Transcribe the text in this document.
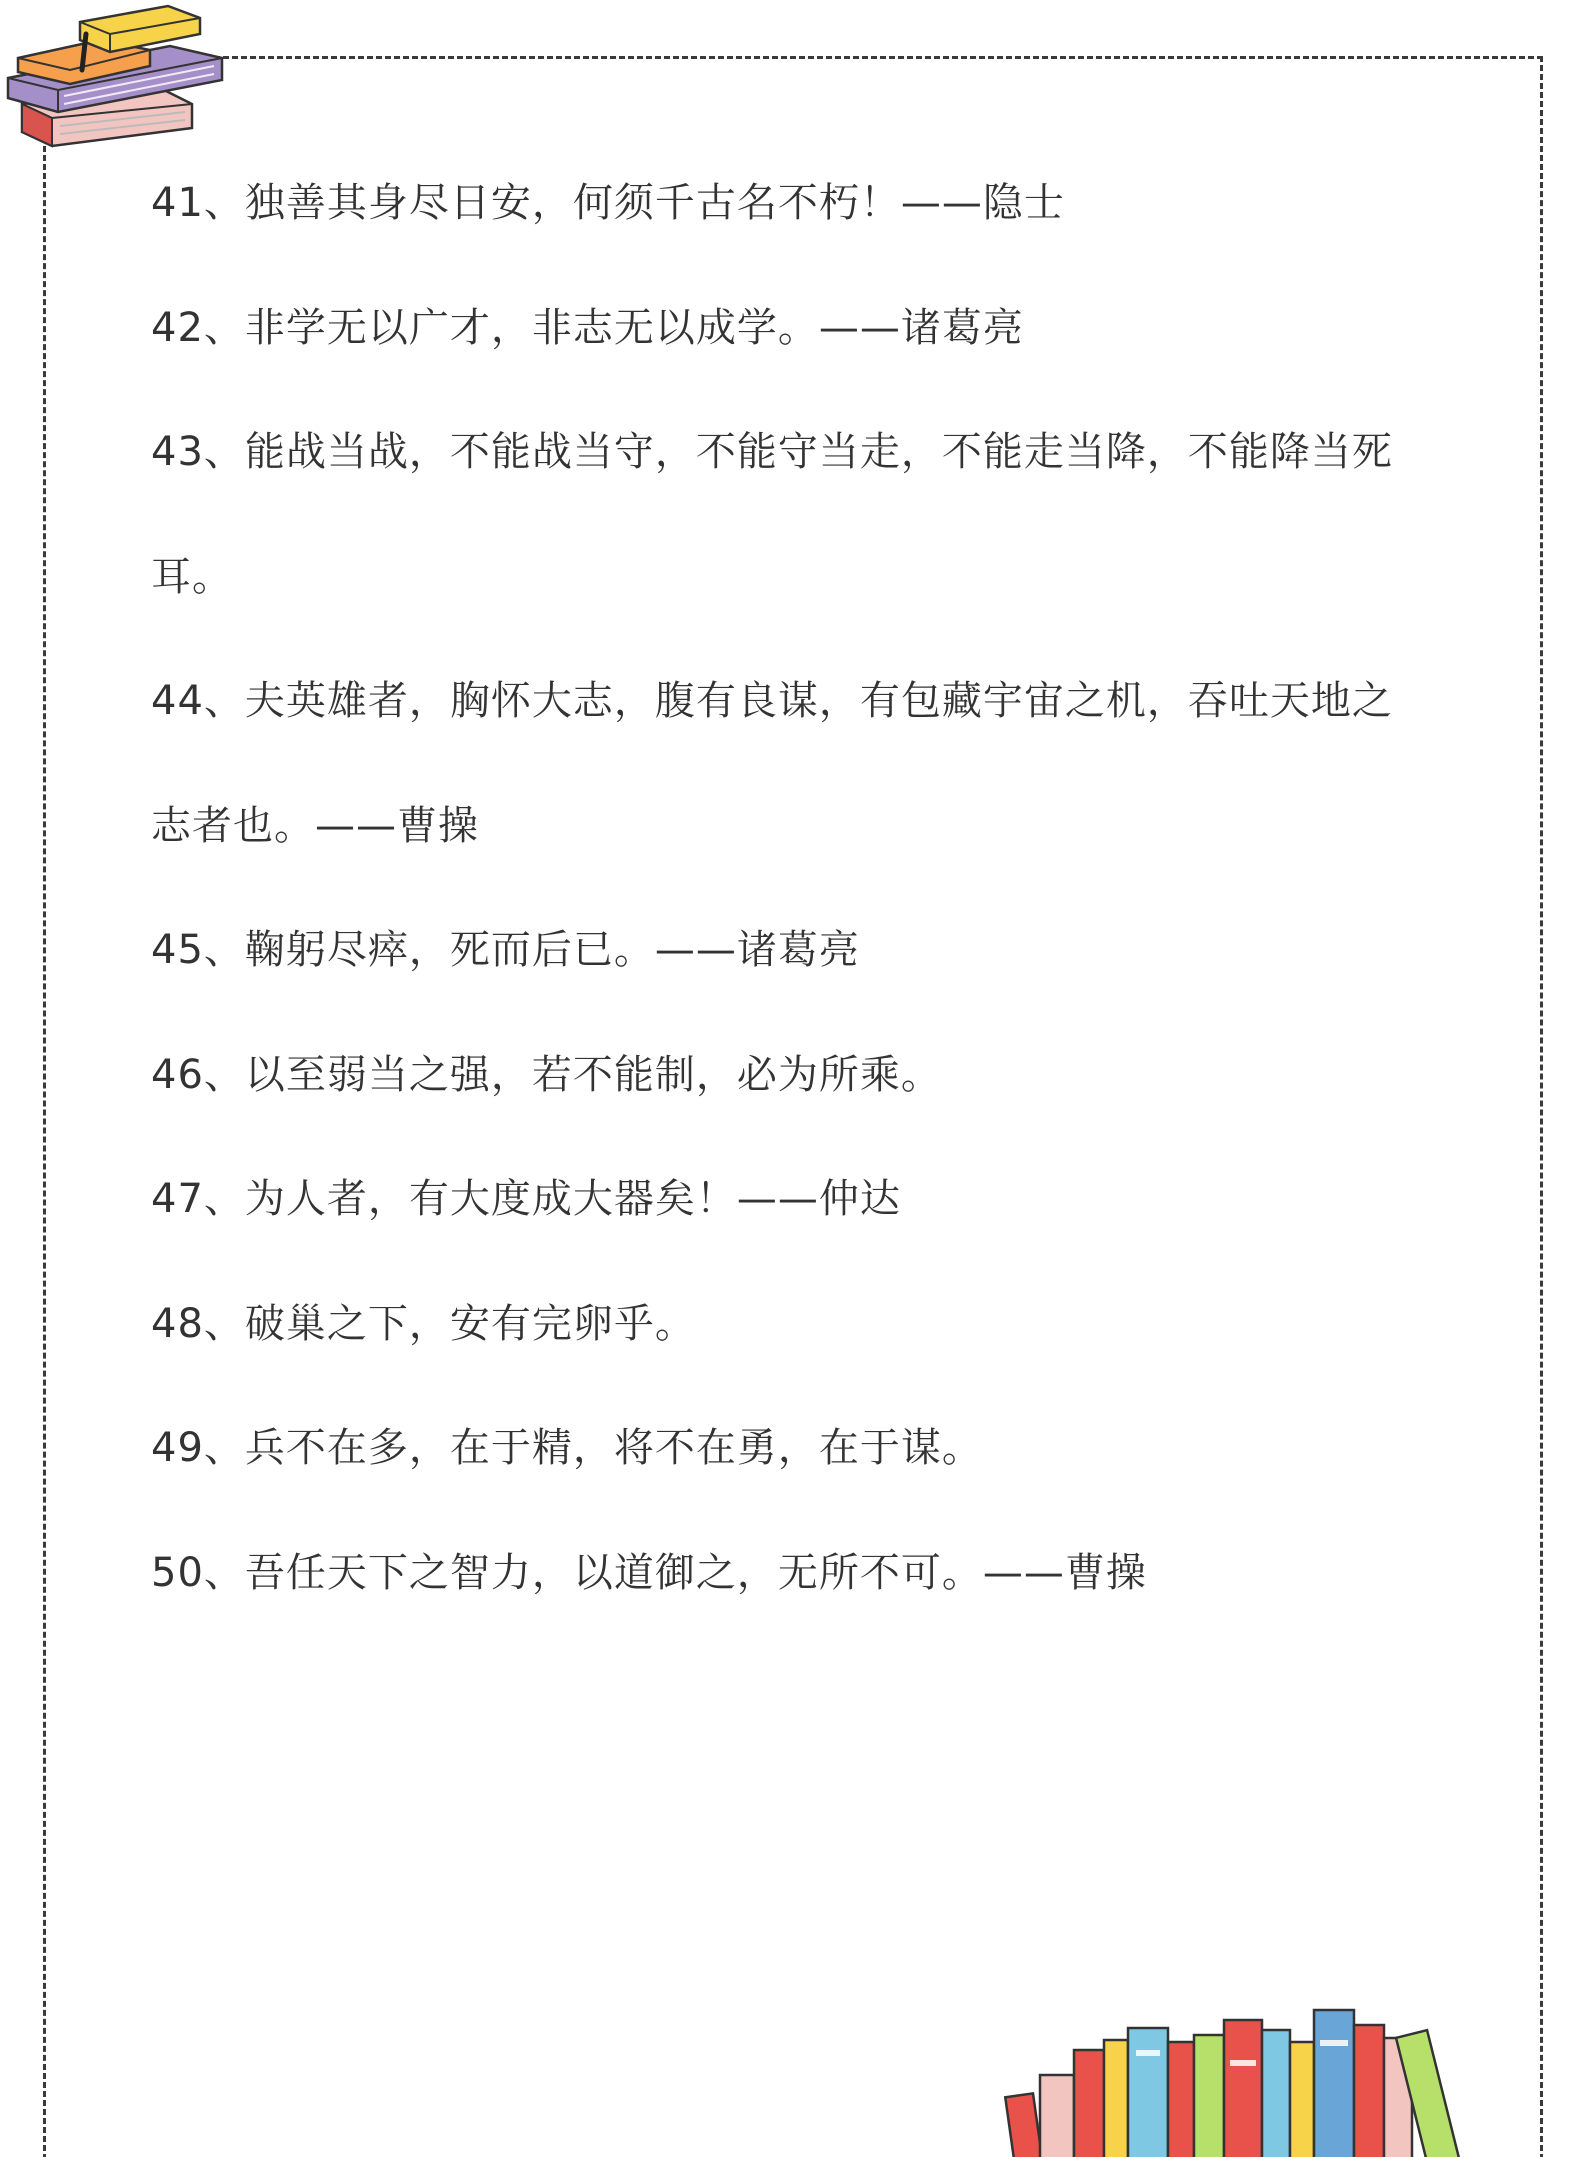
41、独善其身尽日安，何须千古名不朽！——隐士
42、非学无以广才，非志无以成学。——诸葛亮
43、能战当战，不能战当守，不能守当走，不能走当降，不能降当死
耳。
44、夫英雄者，胸怀大志，腹有良谋，有包藏宇宙之机，吞吐天地之
志者也。——曹操
45、鞠躬尽瘁，死而后已。——诸葛亮
46、以至弱当之强，若不能制，必为所乘。
47、为人者，有大度成大器矣！——仲达
48、破巢之下，安有完卵乎。
49、兵不在多，在于精，将不在勇，在于谋。
50、吾任天下之智力，以道御之，无所不可。——曹操
